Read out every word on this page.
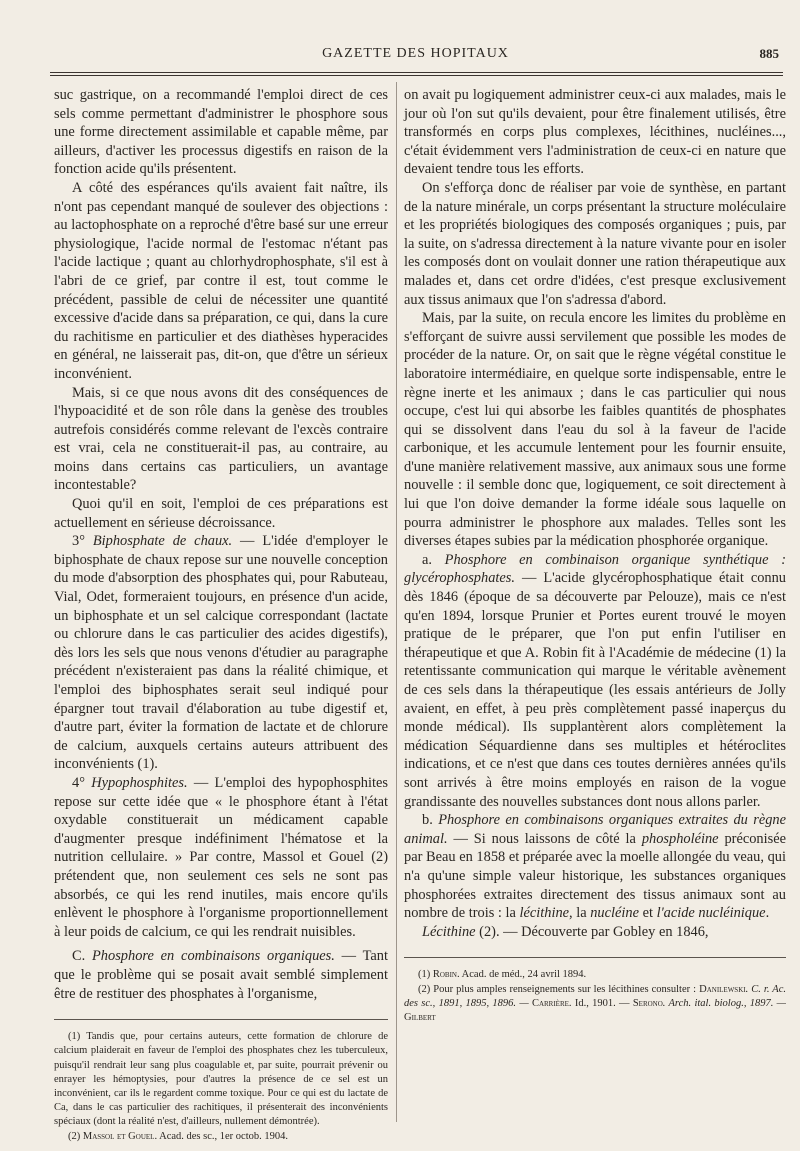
GAZETTE DES HOPITAUX	885

suc gastrique, on a recommandé l'emploi direct de ces sels comme permettant d'administrer le phosphore sous une forme directement assimilable et capable même, par ailleurs, d'activer les processus digestifs en raison de la fonction acide qu'ils présentent.

A côté des espérances qu'ils avaient fait naître, ils n'ont pas cependant manqué de soulever des objections : au lactophosphate on a reproché d'être basé sur une erreur physiologique, l'acide normal de l'estomac n'étant pas l'acide lactique ; quant au chlorhydrophosphate, s'il est à l'abri de ce grief, par contre il est, tout comme le précédent, passible de celui de nécessiter une quantité excessive d'acide dans sa préparation, ce qui, dans la cure du rachitisme en particulier et des diathèses hyperacides en général, ne laisserait pas, dit-on, que d'être un sérieux inconvénient.

Mais, si ce que nous avons dit des conséquences de l'hypoacidité et de son rôle dans la genèse des troubles autrefois considérés comme relevant de l'excès contraire est vrai, cela ne constituerait-il pas, au contraire, au moins dans certains cas particuliers, un avantage incontestable?

Quoi qu'il en soit, l'emploi de ces préparations est actuellement en sérieuse décroissance.

3° Biphosphate de chaux. — L'idée d'employer le biphosphate de chaux repose sur une nouvelle conception du mode d'absorption des phosphates qui, pour Rabuteau, Vial, Odet, formeraient toujours, en présence d'un acide, un biphosphate et un sel calcique correspondant (lactate ou chlorure dans le cas particulier des acides digestifs), dès lors les sels que nous venons d'étudier au paragraphe précédent n'existeraient pas dans la réalité chimique, et l'emploi des biphosphates serait seul indiqué pour épargner tout travail d'élaboration au tube digestif et, d'autre part, éviter la formation de lactate et de chlorure de calcium, auxquels certains auteurs attribuent des inconvénients (1).

4° Hypophosphites. — L'emploi des hypophosphites repose sur cette idée que « le phosphore étant à l'état oxydable constituerait un médicament capable d'augmenter presque indéfiniment l'hématose et la nutrition cellulaire. » Par contre, Massol et Gouel (2) prétendent que, non seulement ces sels ne sont pas absorbés, ce qui les rend inutiles, mais encore qu'ils enlèvent le phosphore à l'organisme proportionnellement à leur poids de calcium, ce qui les rendrait nuisibles.

C. Phosphore en combinaisons organiques. — Tant que le problème qui se posait avait semblé simplement être de restituer des phosphates à l'organisme,

(1) Tandis que, pour certains auteurs, cette formation de chlorure de calcium plaiderait en faveur de l'emploi des phosphates chez les tuberculeux, puisqu'il rendrait leur sang plus coagulable et, par suite, pourrait prévenir ou enrayer les hémoptysies, pour d'autres la présence de ce sel est un inconvénient, car ils le regardent comme toxique. Pour ce qui est du lactate de Ca, dans le cas particulier des rachitiques, il présenterait des inconvénients spéciaux (dont la réalité n'est, d'ailleurs, nullement démontrée).

(2) Massol et Gouel. Acad. des sc., 1er octob. 1904.

on avait pu logiquement administrer ceux-ci aux malades, mais le jour où l'on sut qu'ils devaient, pour être finalement utilisés, être transformés en corps plus complexes, lécithines, nucléines..., c'était évidemment vers l'administration de ceux-ci en nature que devaient tendre tous les efforts.

On s'efforça donc de réaliser par voie de synthèse, en partant de la nature minérale, un corps présentant la structure moléculaire et les propriétés biologiques des composés organiques ; puis, par la suite, on s'adressa directement à la nature vivante pour en isoler les composés dont on voulait donner une ration thérapeutique aux malades et, dans cet ordre d'idées, c'est presque exclusivement aux tissus animaux que l'on s'adressa d'abord.

Mais, par la suite, on recula encore les limites du problème en s'efforçant de suivre aussi servilement que possible les modes de procéder de la nature. Or, on sait que le règne végétal constitue le laboratoire intermédiaire, en quelque sorte indispensable, entre le règne inerte et les animaux ; dans le cas particulier qui nous occupe, c'est lui qui absorbe les faibles quantités de phosphates qui se dissolvent dans l'eau du sol à la faveur de l'acide carbonique, et les accumule lentement pour les fournir ensuite, d'une manière relativement massive, aux animaux sous une forme nouvelle : il semble donc que, logiquement, ce soit directement à lui que l'on doive demander la forme idéale sous laquelle on pourra administrer le phosphore aux malades. Telles sont les diverses étapes subies par la médication phosphorée organique.

a. Phosphore en combinaison organique synthétique : glycérophosphates. — L'acide glycérophosphatique était connu dès 1846 (époque de sa découverte par Pelouze), mais ce n'est qu'en 1894, lorsque Prunier et Portes eurent trouvé le moyen pratique de le préparer, que l'on put enfin l'utiliser en thérapeutique et que A. Robin fit à l'Académie de médecine (1) la retentissante communication qui marque le véritable avènement de ces sels dans la thérapeutique (les essais antérieurs de Jolly avaient, en effet, à peu près complètement passé inaperçus du monde médical). Ils supplantèrent alors complètement la médication Séquardienne dans ses multiples et hétéroclites indications, et ce n'est que dans ces toutes dernières années qu'ils sont arrivés à être moins employés en raison de la vogue grandissante des nouvelles substances dont nous allons parler.

b. Phosphore en combinaisons organiques extraites du règne animal. — Si nous laissons de côté la phospholéine préconisée par Beau en 1858 et préparée avec la moelle allongée du veau, qui n'a qu'une simple valeur historique, les substances organiques phosphorées extraites directement des tissus animaux sont au nombre de trois : la lécithine, la nucléine et l'acide nucléinique.

Lécithine (2). — Découverte par Gobley en 1846,

(1) Robin. Acad. de méd., 24 avril 1894.

(2) Pour plus amples renseignements sur les lécithines consulter : Danilewski. C. r. Ac. des sc., 1891, 1895, 1896. — Carrière. Id., 1901. — Serono. Arch. ital. biolog., 1897. — Gilbert
